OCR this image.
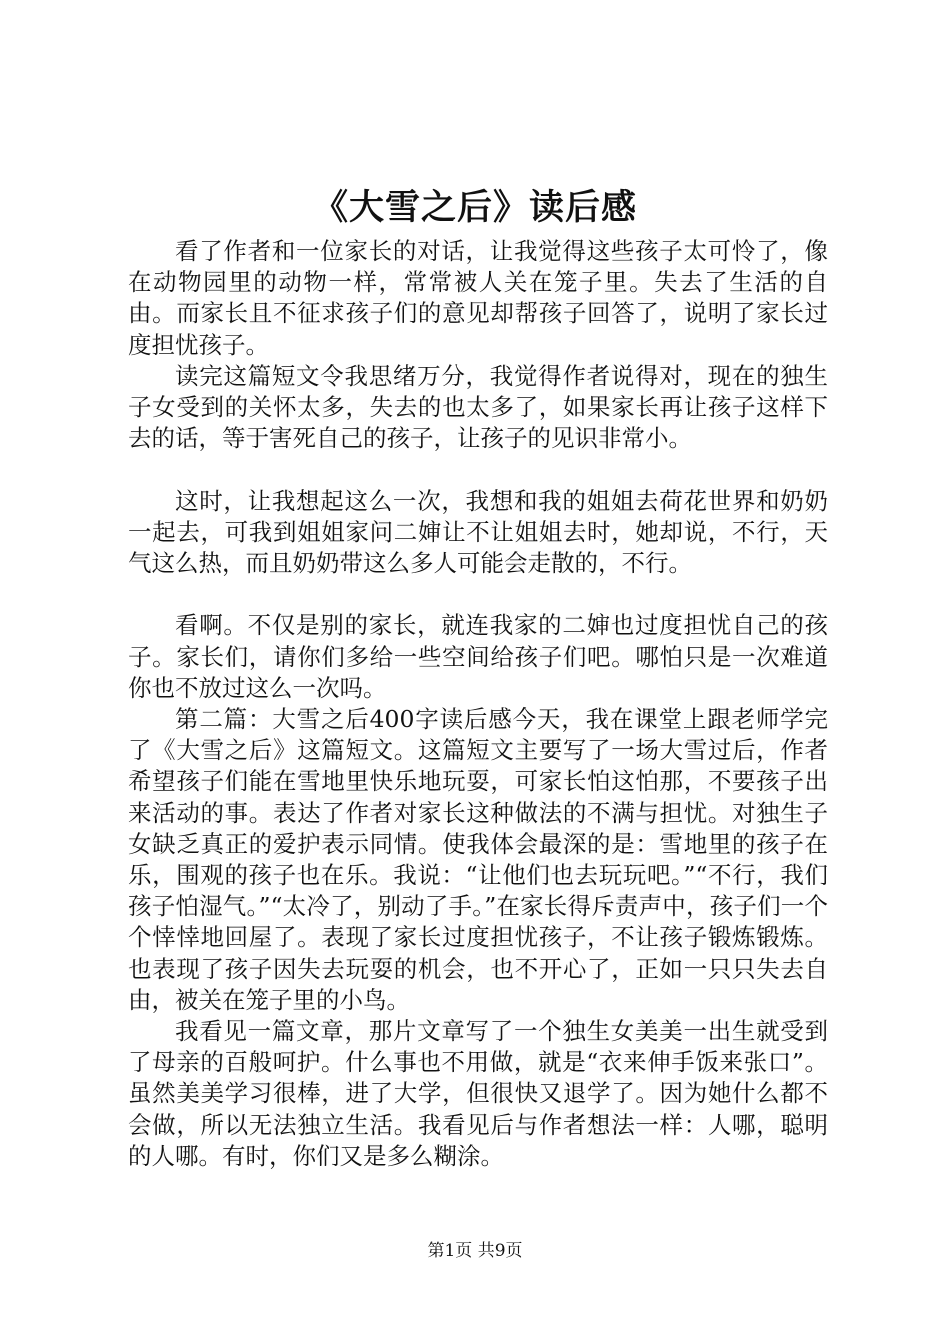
《大雪之后》读后感

看了作者和一位家长的对话，让我觉得这些孩子太可怜了，像在动物园里的动物一样，常常被人关在笼子里。失去了生活的自由。而家长且不征求孩子们的意见却帮孩子回答了，说明了家长过度担忧孩子。

读完这篇短文令我思绪万分，我觉得作者说得对，现在的独生子女受到的关怀太多，失去的也太多了，如果家长再让孩子这样下去的话，等于害死自己的孩子，让孩子的见识非常小。

这时，让我想起这么一次，我想和我的姐姐去荷花世界和奶奶一起去，可我到姐姐家问二婶让不让姐姐去时，她却说，不行，天气这么热，而且奶奶带这么多人可能会走散的，不行。

看啊。不仅是别的家长，就连我家的二婶也过度担忧自己的孩子。家长们，请你们多给一些空间给孩子们吧。哪怕只是一次难道你也不放过这么一次吗。

第二篇：大雪之后400字读后感今天，我在课堂上跟老师学完了《大雪之后》这篇短文。这篇短文主要写了一场大雪过后，作者希望孩子们能在雪地里快乐地玩耍，可家长怕这怕那，不要孩子出来活动的事。表达了作者对家长这种做法的不满与担忧。对独生子女缺乏真正的爱护表示同情。使我体会最深的是：雪地里的孩子在乐，围观的孩子也在乐。我说：“让他们也去玩玩吧。”“不行，我们孩子怕湿气。”“太冷了，别动了手。”在家长得斥责声中，孩子们一个个悻悻地回屋了。表现了家长过度担忧孩子，不让孩子锻炼锻炼。也表现了孩子因失去玩耍的机会，也不开心了，正如一只只失去自由，被关在笼子里的小鸟。

我看见一篇文章，那片文章写了一个独生女美美一出生就受到了母亲的百般呵护。什么事也不用做，就是“衣来伸手饭来张口”。虽然美美学习很棒，进了大学，但很快又退学了。因为她什么都不会做，所以无法独立生活。我看见后与作者想法一样：人哪，聪明的人哪。有时，你们又是多么糊涂。

第1页 共9页
